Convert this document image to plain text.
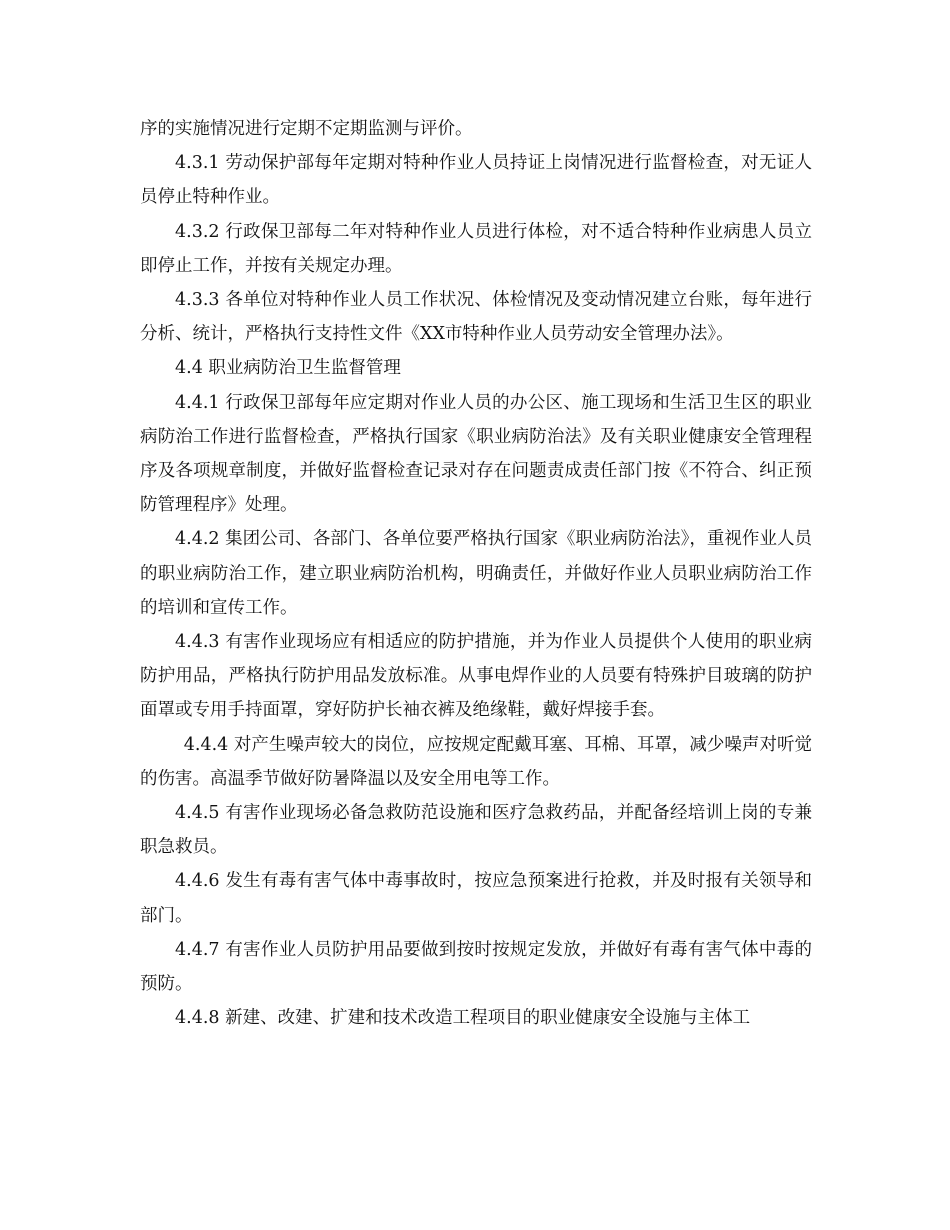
序的实施情况进行定期不定期监测与评价。

4.3.1 劳动保护部每年定期对特种作业人员持证上岗情况进行监督检查，对无证人员停止特种作业。

4.3.2 行政保卫部每二年对特种作业人员进行体检，对不适合特种作业病患人员立即停止工作，并按有关规定办理。

4.3.3 各单位对特种作业人员工作状况、体检情况及变动情况建立台账，每年进行分析、统计，严格执行支持性文件《XX市特种作业人员劳动安全管理办法》。

4.4 职业病防治卫生监督管理

4.4.1 行政保卫部每年应定期对作业人员的办公区、施工现场和生活卫生区的职业病防治工作进行监督检查，严格执行国家《职业病防治法》及有关职业健康安全管理程序及各项规章制度，并做好监督检查记录对存在问题责成责任部门按《不符合、纠正预防管理程序》处理。

4.4.2 集团公司、各部门、各单位要严格执行国家《职业病防治法》，重视作业人员的职业病防治工作，建立职业病防治机构，明确责任，并做好作业人员职业病防治工作的培训和宣传工作。

4.4.3 有害作业现场应有相适应的防护措施，并为作业人员提供个人使用的职业病防护用品，严格执行防护用品发放标准。从事电焊作业的人员要有特殊护目玻璃的防护面罩或专用手持面罩，穿好防护长袖衣裤及绝缘鞋，戴好焊接手套。

4.4.4 对产生噪声较大的岗位，应按规定配戴耳塞、耳棉、耳罩，减少噪声对听觉的伤害。高温季节做好防暑降温以及安全用电等工作。

4.4.5 有害作业现场必备急救防范设施和医疗急救药品，并配备经培训上岗的专兼职急救员。

4.4.6 发生有毒有害气体中毒事故时，按应急预案进行抢救，并及时报有关领导和部门。

4.4.7 有害作业人员防护用品要做到按时按规定发放，并做好有毒有害气体中毒的预防。

4.4.8 新建、改建、扩建和技术改造工程项目的职业健康安全设施与主体工
